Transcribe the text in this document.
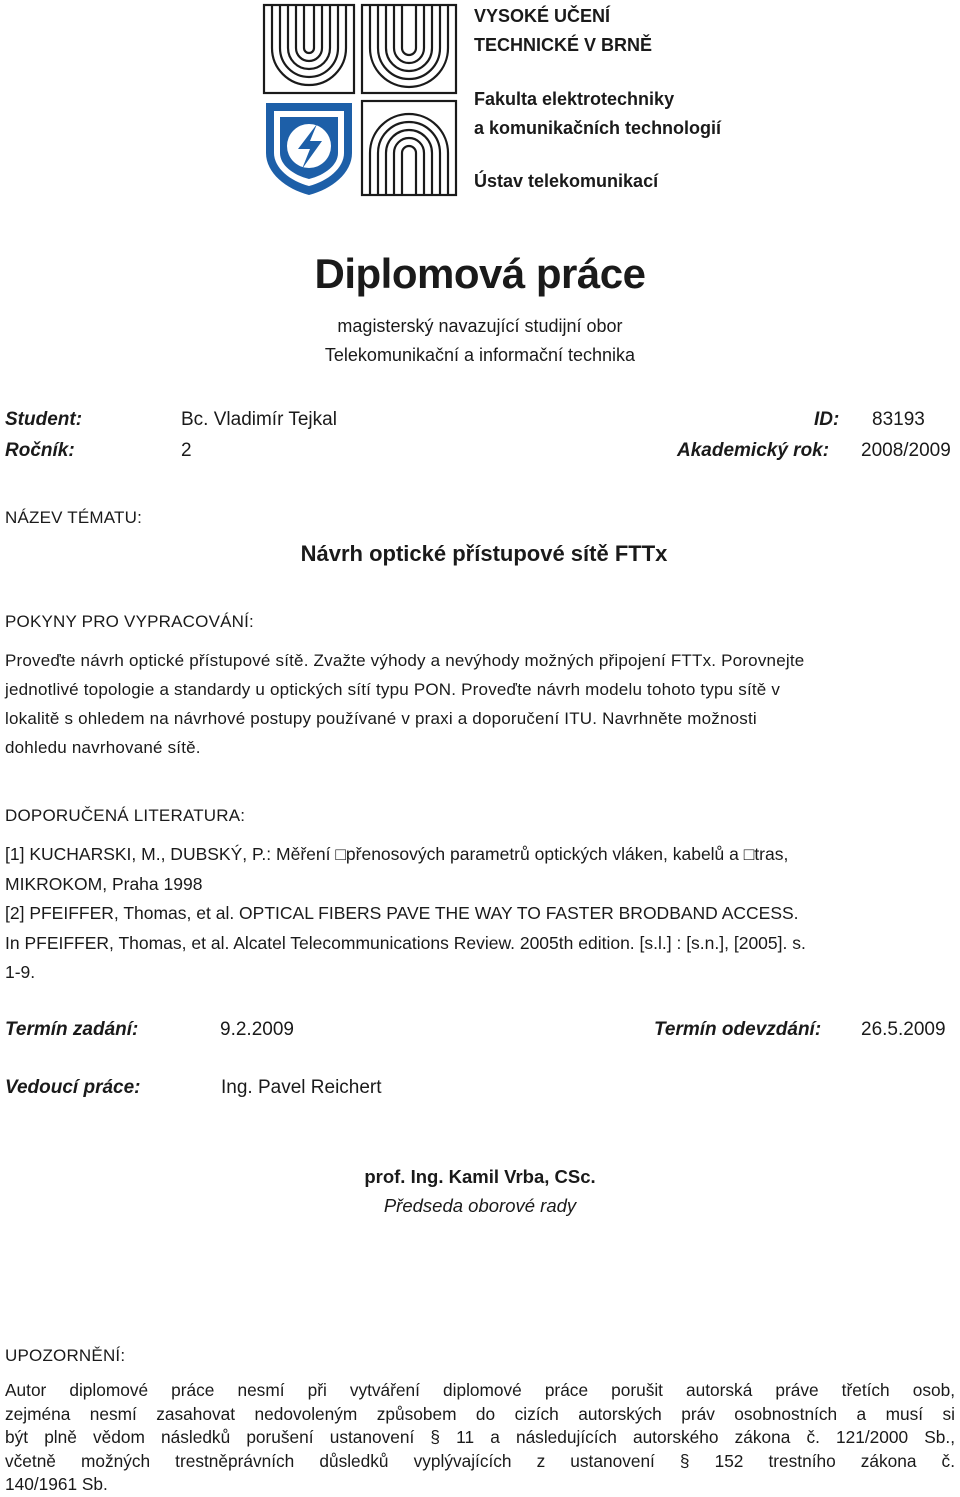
VYSOKÉ UČENÍ
TECHNICKÉ V BRNĚ
Fakulta elektrotechniky
a komunikačních technologií
Ústav telekomunikací
Diplomová práce
magisterský navazující studijní obor
Telekomunikační a informační technika
Student:	Bc. Vladimír Tejkal	ID: 83193
Ročník:	2	Akademický rok: 2008/2009
NÁZEV TÉMATU:
Návrh optické přístupové sítě FTTx
POKYNY PRO VYPRACOVÁNÍ:
Proveďte návrh optické přístupové sítě. Zvažte výhody a nevýhody možných připojení FTTx. Porovnejte
jednotlivé topologie a standardy u optických sítí typu PON. Proveďte návrh modelu tohoto typu sítě v
lokalitě s ohledem na návrhové postupy používané v praxi a doporučení ITU. Navrhněte možnosti
dohledu navrhované sítě.
DOPORUČENÁ LITERATURA:
[1] KUCHARSKI, M., DUBSKÝ, P.: Měření □přenosových parametrů optických vláken, kabelů a □tras,
MIKROKOM, Praha 1998
[2] PFEIFFER, Thomas, et al. OPTICAL FIBERS PAVE THE WAY TO FASTER BRODBAND ACCESS.
In PFEIFFER, Thomas, et al. Alcatel Telecommunications Review. 2005th edition. [s.l.] : [s.n.], [2005]. s.
1-9.
Termín zadání:	9.2.2009	Termín odevzdání: 26.5.2009
Vedoucí práce:	Ing. Pavel Reichert
prof. Ing. Kamil Vrba, CSc.
Předseda oborové rady
UPOZORNĚNÍ:
Autor diplomové práce nesmí při vytváření diplomové práce porušit autorská práve třetích osob,
zejména nesmí zasahovat nedovoleným způsobem do cizích autorských práv osobnostních a musí si
být plně vědom následků porušení ustanovení § 11 a následujících autorského zákona č. 121/2000 Sb.,
včetně možných trestněprávních důsledků vyplývajících z ustanovení § 152 trestního zákona č.
140/1961 Sb.
